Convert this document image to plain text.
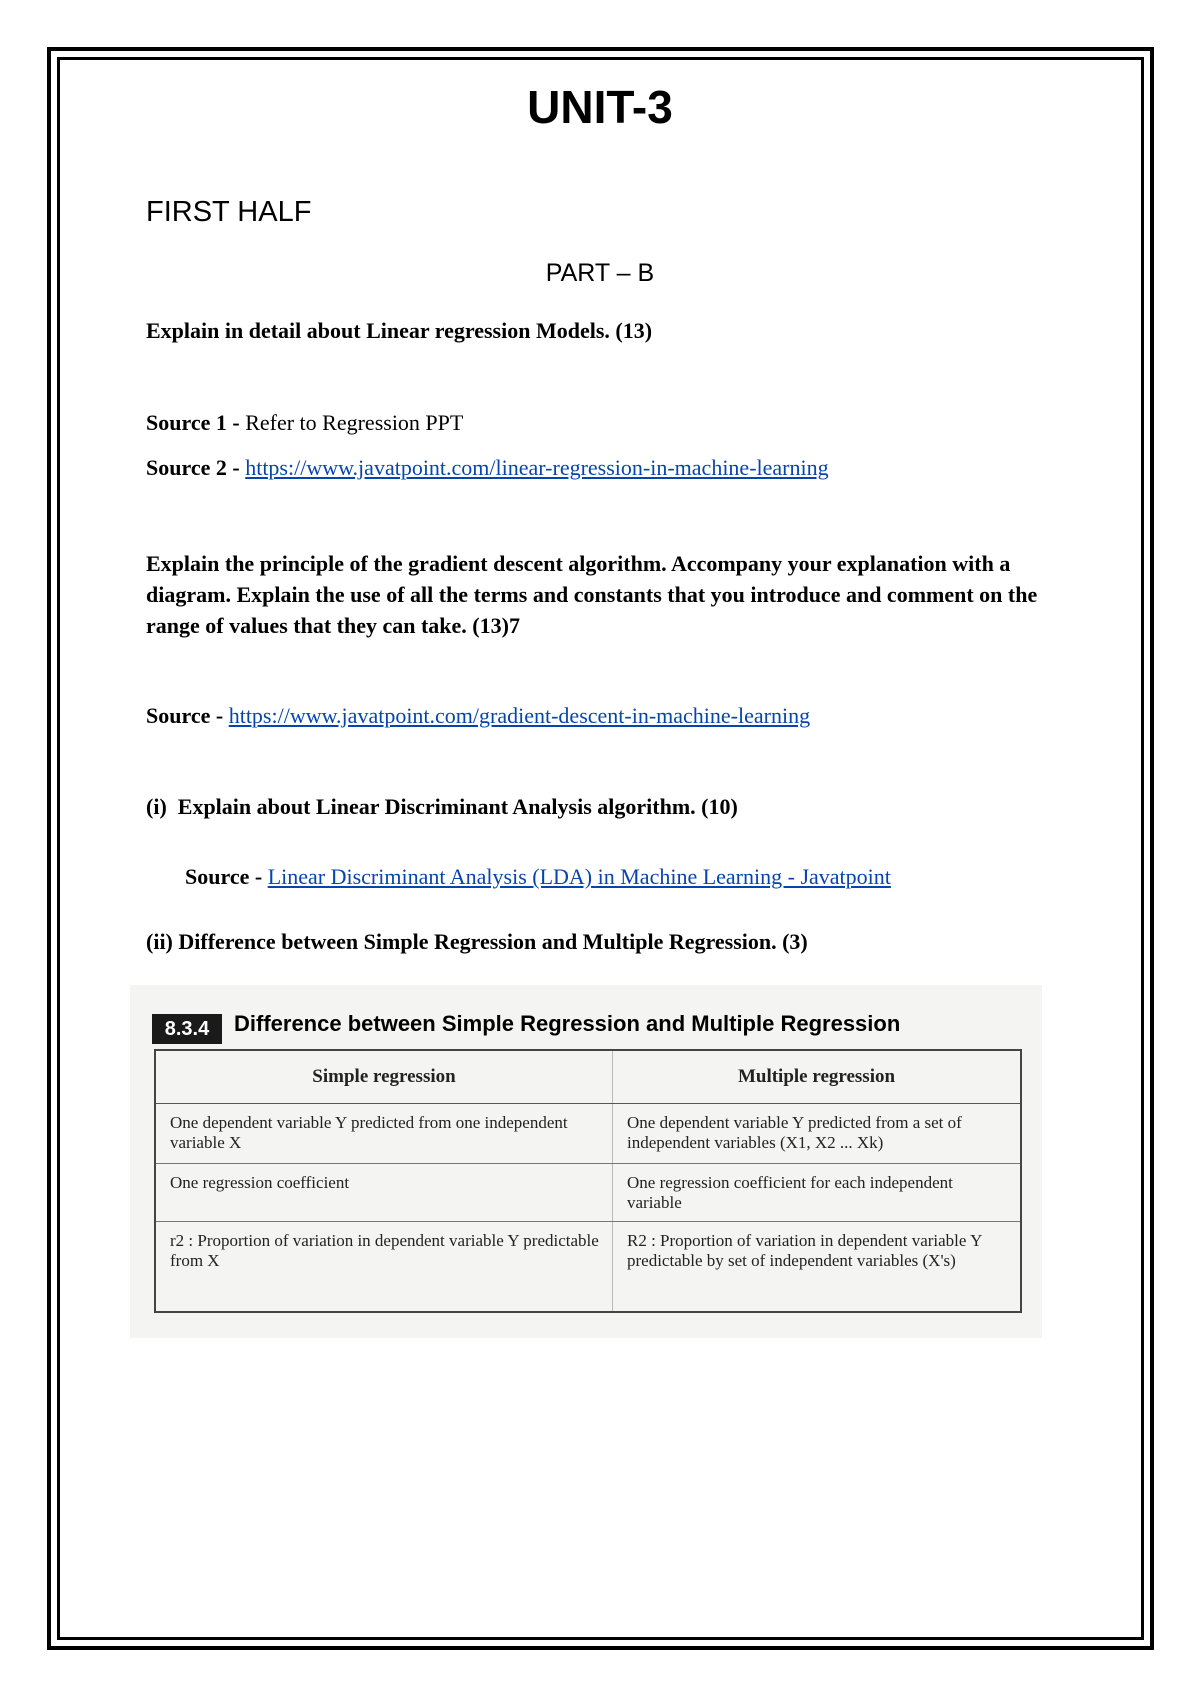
UNIT-3
FIRST HALF
PART – B
Explain in detail about Linear regression Models. (13)
Source 1 - Refer to Regression PPT
Source 2 - https://www.javatpoint.com/linear-regression-in-machine-learning
Explain the principle of the gradient descent algorithm. Accompany your explanation with a diagram. Explain the use of all the terms and constants that you introduce and comment on the range of values that they can take. (13)7
Source - https://www.javatpoint.com/gradient-descent-in-machine-learning
(i) Explain about Linear Discriminant Analysis algorithm. (10)
Source - Linear Discriminant Analysis (LDA) in Machine Learning - Javatpoint
(ii) Difference between Simple Regression and Multiple Regression. (3)
8.3.4	Difference between Simple Regression and Multiple Regression
Simple regression	Multiple regression
One dependent variable Y predicted from one independent variable X	One dependent variable Y predicted from a set of independent variables (X1, X2 ... Xk)
One regression coefficient	One regression coefficient for each independent variable
r2 : Proportion of variation in dependent variable Y predictable from X	R2 : Proportion of variation in dependent variable Y predictable by set of independent variables (X's)
